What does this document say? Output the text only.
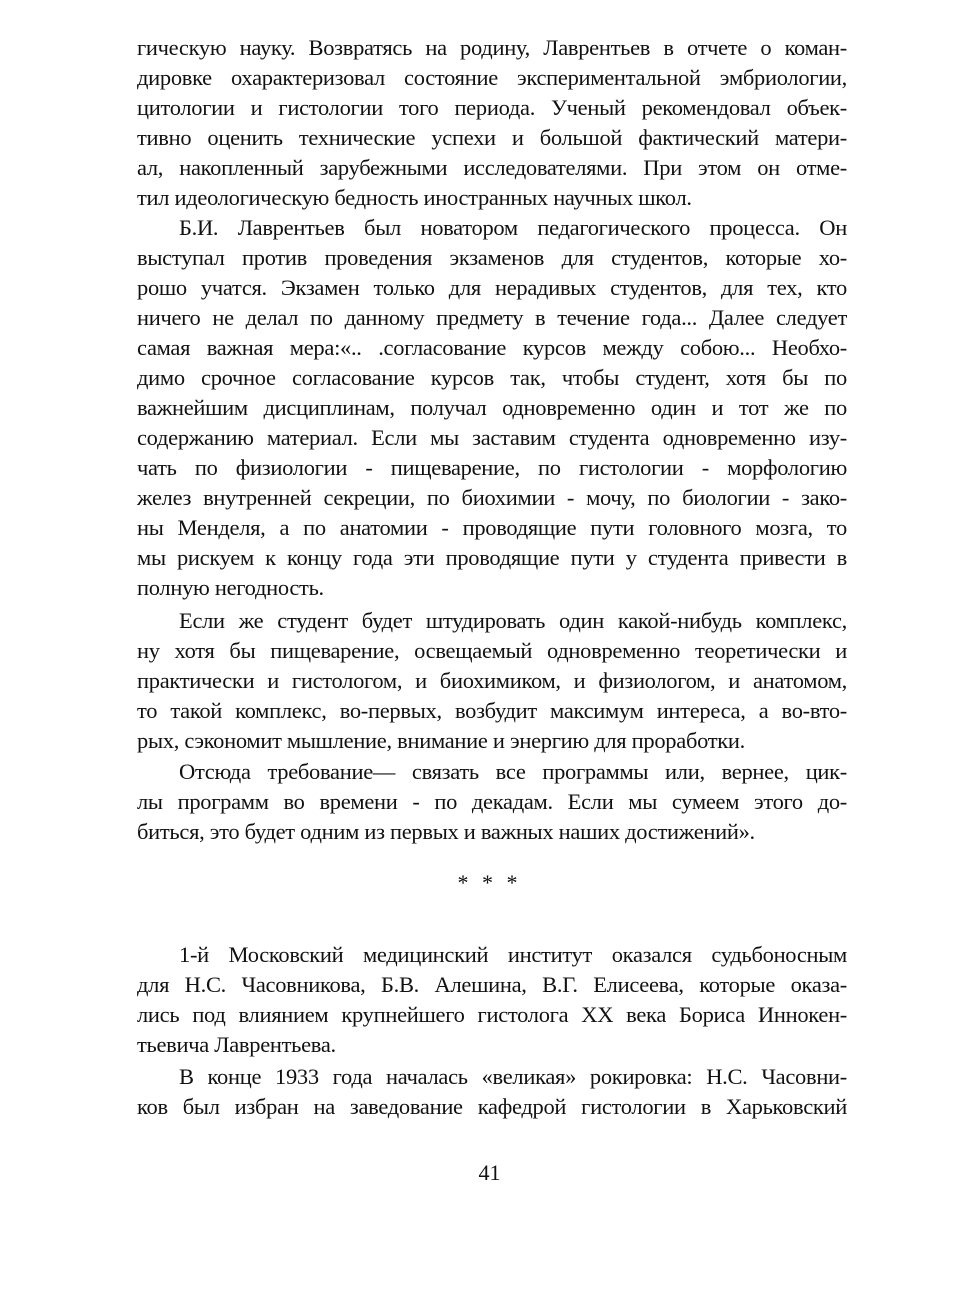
гическую науку. Возвратясь на родину, Лаврентьев в отчете о коман-
дировке охарактеризовал состояние экспериментальной эмбриологии,
цитологии и гистологии того периода. Ученый рекомендовал объек-
тивно оценить технические успехи и большой фактический матери-
ал, накопленный зарубежными исследователями. При этом он отме-
тил идеологическую бедность иностранных научных школ.
Б.И. Лаврентьев был новатором педагогического процесса. Он
выступал против проведения экзаменов для студентов, которые хо-
рошо учатся. Экзамен только для нерадивых студентов, для тех, кто
ничего не делал по данному предмету в течение года... Далее следует
самая важная мера:«.. .согласование курсов между собою... Необхо-
димо срочное согласование курсов так, чтобы студент, хотя бы по
важнейшим дисциплинам, получал одновременно один и тот же по
содержанию материал. Если мы заставим студента одновременно изу-
чать по физиологии - пищеварение, по гистологии - морфологию
желез внутренней секреции, по биохимии - мочу, по биологии - зако-
ны Менделя, а по анатомии - проводящие пути головного мозга, то
мы рискуем к концу года эти проводящие пути у студента привести в
полную негодность.
Если же студент будет штудировать один какой-нибудь комплекс,
ну хотя бы пищеварение, освещаемый одновременно теоретически и
практически и гистологом, и биохимиком, и физиологом, и анатомом,
то такой комплекс, во-первых, возбудит максимум интереса, а во-вто-
рых, сэкономит мышление, внимание и энергию для проработки.
Отсюда требование— связать все программы или, вернее, цик-
лы программ во времени - по декадам. Если мы сумеем этого до-
биться, это будет одним из первых и важных наших достижений».
* * *
1-й Московский медицинский институт оказался судьбоносным
для Н.С. Часовникова, Б.В. Алешина, В.Г. Елисеева, которые оказа-
лись под влиянием крупнейшего гистолога XX века Бориса Иннокен-
тьевича Лаврентьева.
В конце 1933 года началась «великая» рокировка: Н.С. Часовни-
ков был избран на заведование кафедрой гистологии в Харьковский
41
